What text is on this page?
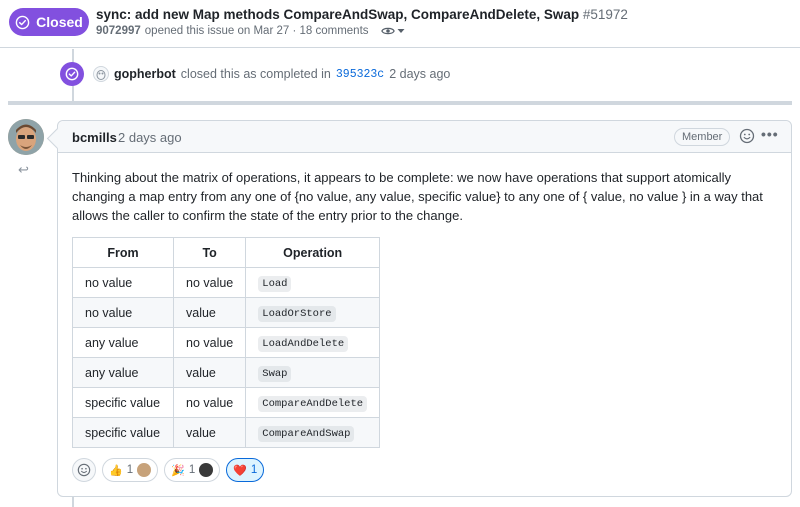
Closed sync: add new Map methods CompareAndSwap, CompareAndDelete, Swap #51972
9072997 opened this issue on Mar 27 · 18 comments
gopherbot closed this as completed in 395323c 2 days ago
↩
bcmills 2 days ago	Member	•••
Thinking about the matrix of operations, it appears to be complete: we now have operations that support atomically changing a map entry from any one of {no value, any value, specific value} to any one of { value, no value } in a way that allows the caller to confirm the state of the entry prior to the change.
From	To	Operation
no value	no value	Load
no value	value	LoadOrStore
any value	no value	LoadAndDelete
any value	value	Swap
specific value	no value	CompareAndDelete
specific value	value	CompareAndSwap
👍 1	🎉 1	❤️ 1
